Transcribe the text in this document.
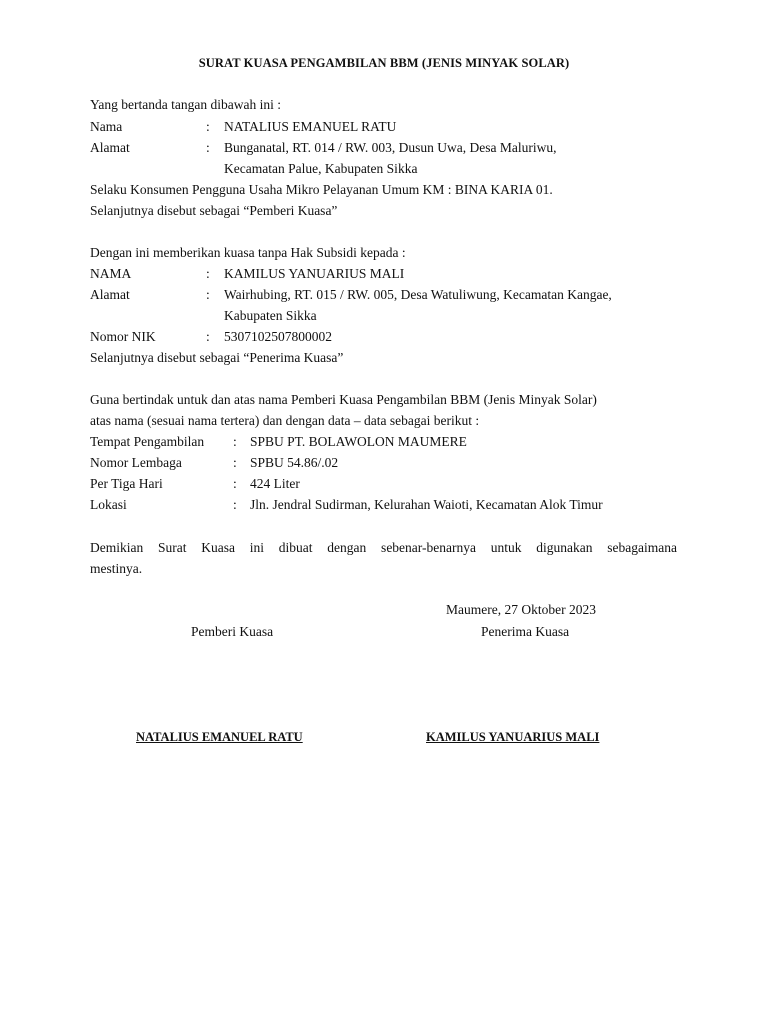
SURAT KUASA PENGAMBILAN BBM (JENIS MINYAK SOLAR)
Yang bertanda tangan dibawah ini :
Nama	: NATALIUS EMANUEL RATU
Alamat	: Bunganatal, RT. 014 / RW. 003, Dusun Uwa, Desa Maluriwu,
Kecamatan Palue, Kabupaten Sikka
Selaku Konsumen Pengguna Usaha Mikro Pelayanan Umum KM : BINA KARIA 01.
Selanjutnya disebut sebagai “Pemberi Kuasa”
Dengan ini memberikan kuasa tanpa Hak Subsidi kepada :
NAMA	: KAMILUS YANUARIUS MALI
Alamat	: Wairhubing, RT. 015 / RW. 005, Desa Watuliwung, Kecamatan Kangae,
Kabupaten Sikka
Nomor NIK	: 5307102507800002
Selanjutnya disebut sebagai “Penerima Kuasa”
Guna bertindak untuk dan atas nama Pemberi Kuasa Pengambilan BBM (Jenis Minyak Solar)
atas nama (sesuai nama tertera) dan dengan data – data sebagai berikut :
Tempat Pengambilan : SPBU PT. BOLAWOLON MAUMERE
Nomor Lembaga	: SPBU 54.86/.02
Per Tiga Hari	: 424 Liter
Lokasi	: Jln. Jendral Sudirman, Kelurahan Waioti, Kecamatan Alok Timur
Demikian Surat Kuasa ini dibuat dengan sebenar-benarnya untuk digunakan sebagaimana
mestinya.
Maumere, 27 Oktober 2023
Pemberi Kuasa	Penerima Kuasa
NATALIUS EMANUEL RATU	KAMILUS YANUARIUS MALI
